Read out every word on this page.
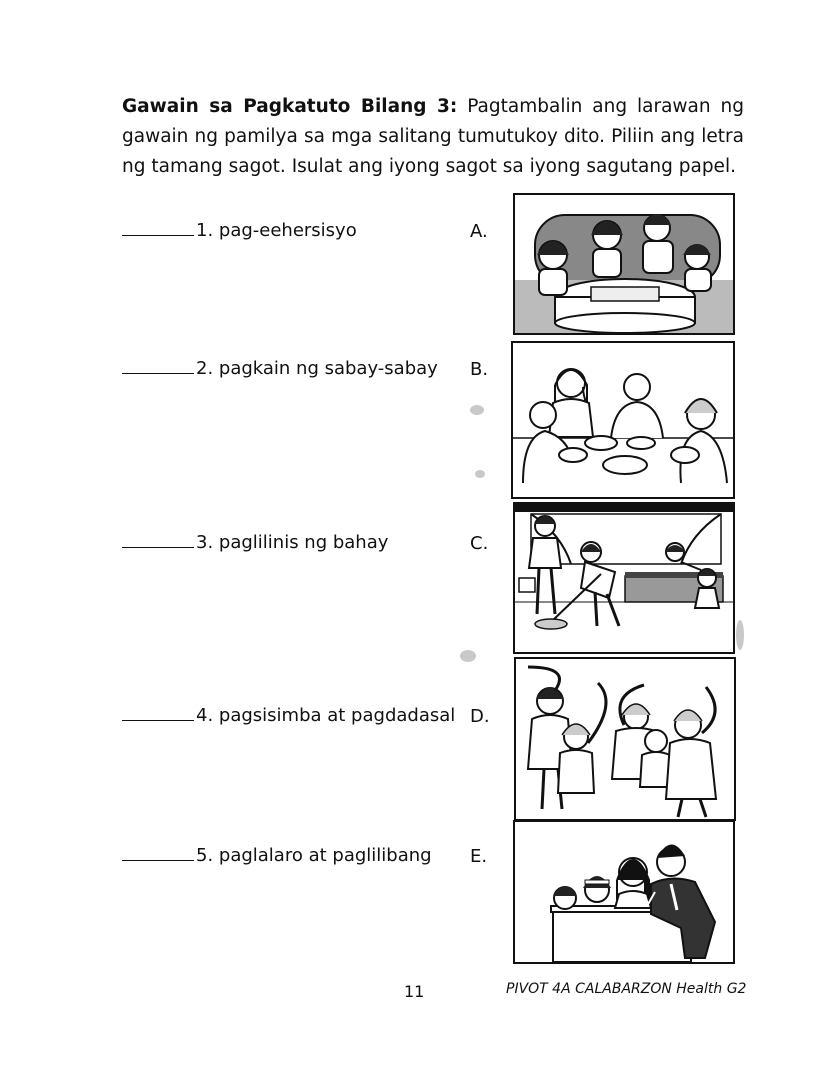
Gawain sa Pagkatuto Bilang 3: Pagtambalin ang larawan ng gawain ng pamilya sa mga salitang tumutukoy dito. Piliin ang letra ng tamang sagot. Isulat ang iyong sagot sa iyong sagutang papel.
1. pag-eehersisyo
2. pagkain ng sabay-sabay
3. paglilinis ng bahay
4. pagsisimba at pagdadasal
5. paglalaro at paglilibang
A.
B.
C.
D.
E.
11	PIVOT 4A CALABARZON Health G2
